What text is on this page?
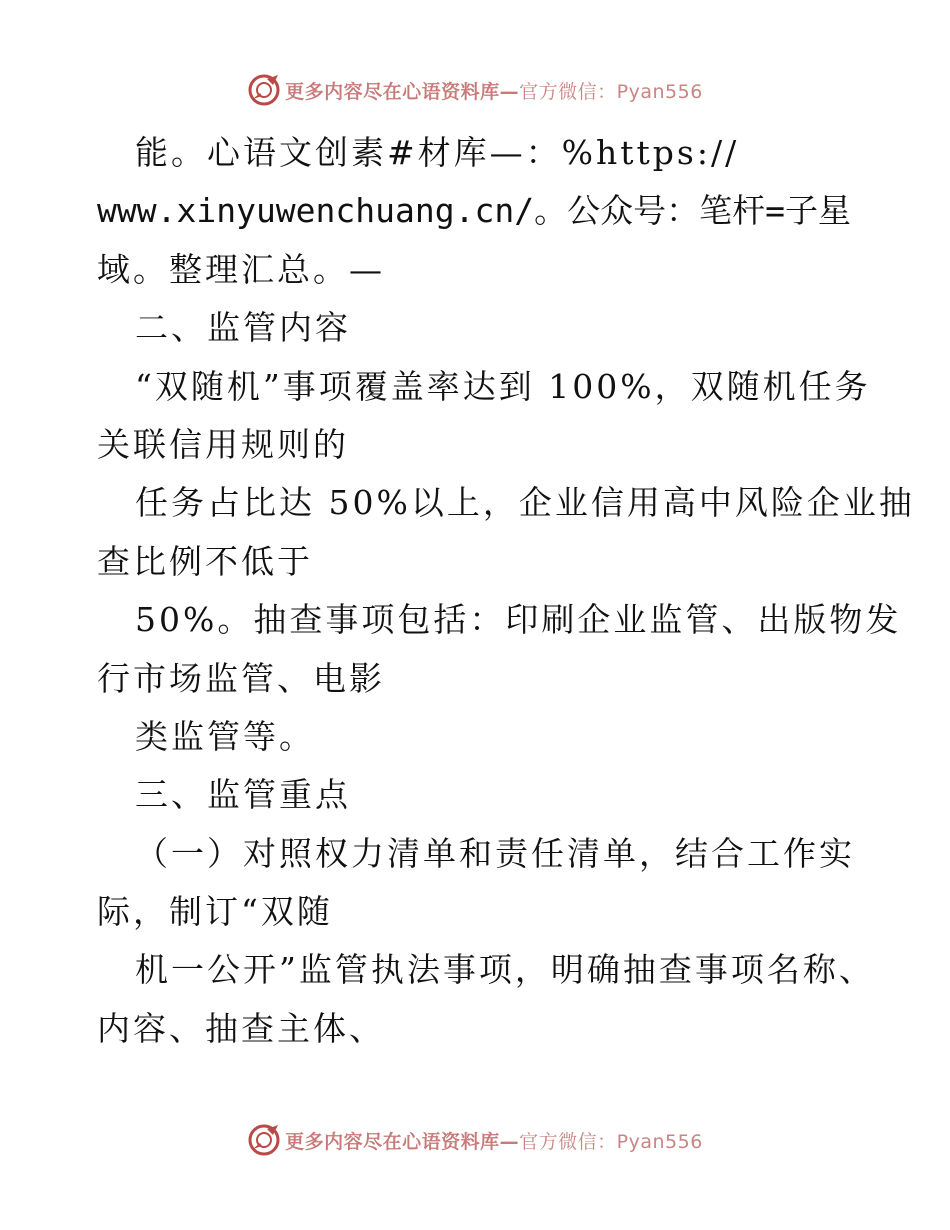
更多内容尽在心语资料库—官方微信：Pyan556
能。心语文创素#材库—：%https://
www.xinyuwenchuang.cn/。公众号：笔杆=子星
域。整理汇总。—
二、监管内容
“双随机”事项覆盖率达到 100%，双随机任务
关联信用规则的
任务占比达 50%以上，企业信用高中风险企业抽
查比例不低于
50%。抽查事项包括：印刷企业监管、出版物发
行市场监管、电影
类监管等。
三、监管重点
（一）对照权力清单和责任清单，结合工作实
际，制订“双随
机一公开”监管执法事项，明确抽查事项名称、
内容、抽查主体、
更多内容尽在心语资料库—官方微信：Pyan556
